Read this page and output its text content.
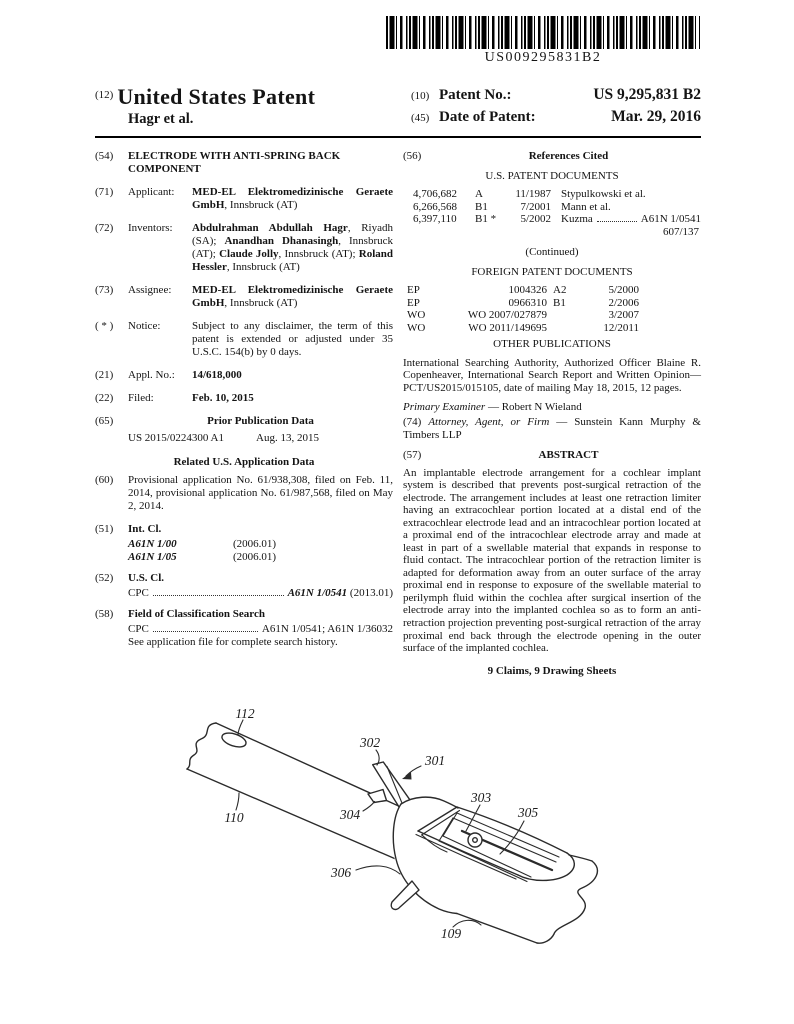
US009295831B2
$^{(12)}$ United States Patent
Hagr et al.
(10) Patent No.:	US 9,295,831 B2
(45) Date of Patent:	Mar. 29, 2016
(54)	ELECTRODE WITH ANTI-SPRING BACK COMPONENT
(71)	Applicant:	MED-EL Elektromedizinische Geraete GmbH, Innsbruck (AT)
(72)	Inventors:	Abdulrahman Abdullah Hagr, Riyadh (SA); Anandhan Dhanasingh, Innsbruck (AT); Claude Jolly, Innsbruck (AT); Roland Hessler, Innsbruck (AT)
(73)	Assignee:	MED-EL Elektromedizinische Geraete GmbH, Innsbruck (AT)
( * )	Notice:	Subject to any disclaimer, the term of this patent is extended or adjusted under 35 U.S.C. 154(b) by 0 days.
(21)	Appl. No.:	14/618,000
(22)	Filed:	Feb. 10, 2015
(65)	Prior Publication Data
US 2015/0224300 A1	Aug. 13, 2015
Related U.S. Application Data
(60)	Provisional application No. 61/938,308, filed on Feb. 11, 2014, provisional application No. 61/987,568, filed on May 2, 2014.
(51)	Int. Cl.
A61N 1/00	(2006.01)
A61N 1/05	(2006.01)
(52)	U.S. Cl.
CPC	A61N 1/0541
(2013.01)
(58)	Field of Classification Search
CPC	A61N 1/0541; A61N 1/36032
See application file for complete search history.
(56)	References Cited
U.S. PATENT DOCUMENTS
4,706,682	A	11/1987 Stypulkowski et al.
6,266,568	B1	7/2001 Mann et al.
6,397,110	B1 *	5/2002 Kuzma	A61N 1/0541
607/137
(Continued)
FOREIGN PATENT DOCUMENTS
EP	1004326 A2	5/2000
EP	0966310 B1	2/2006
WO	WO 2007/027879	3/2007
WO	WO 2011/149695	12/2011
OTHER PUBLICATIONS
International Searching Authority, Authorized Officer Blaine R. Copenheaver, International Search Report and Written Opinion—PCT/US2015/015105, date of mailing May 18, 2015, 12 pages.
Primary Examiner — Robert N Wieland
(74) Attorney, Agent, or Firm — Sunstein Kann Murphy & Timbers LLP
(57)	ABSTRACT
An implantable electrode arrangement for a cochlear implant system is described that prevents post-surgical retraction of the electrode. The arrangement includes at least one retraction limiter having an extracochlear portion located at a distal end of the extracochlear electrode lead and an intracochlear portion located at a proximal end of the intracochlear electrode array and made at least in part of a swellable material that expands in response to fluid contact. The intracochlear portion of the retraction limiter is adapted for deformation away from an outer surface of the array proximal end in response to exposure of the swellable material to perilymph fluid within the cochlea after surgical insertion of the electrode array into the implanted cochlea so as to form an anti-retraction projection preventing post-surgical retraction of the array proximal end back through the electrode opening in the outer surface of the implanted cochlea.
9 Claims, 9 Drawing Sheets
112
302
301
110	304
303
305
306
109
